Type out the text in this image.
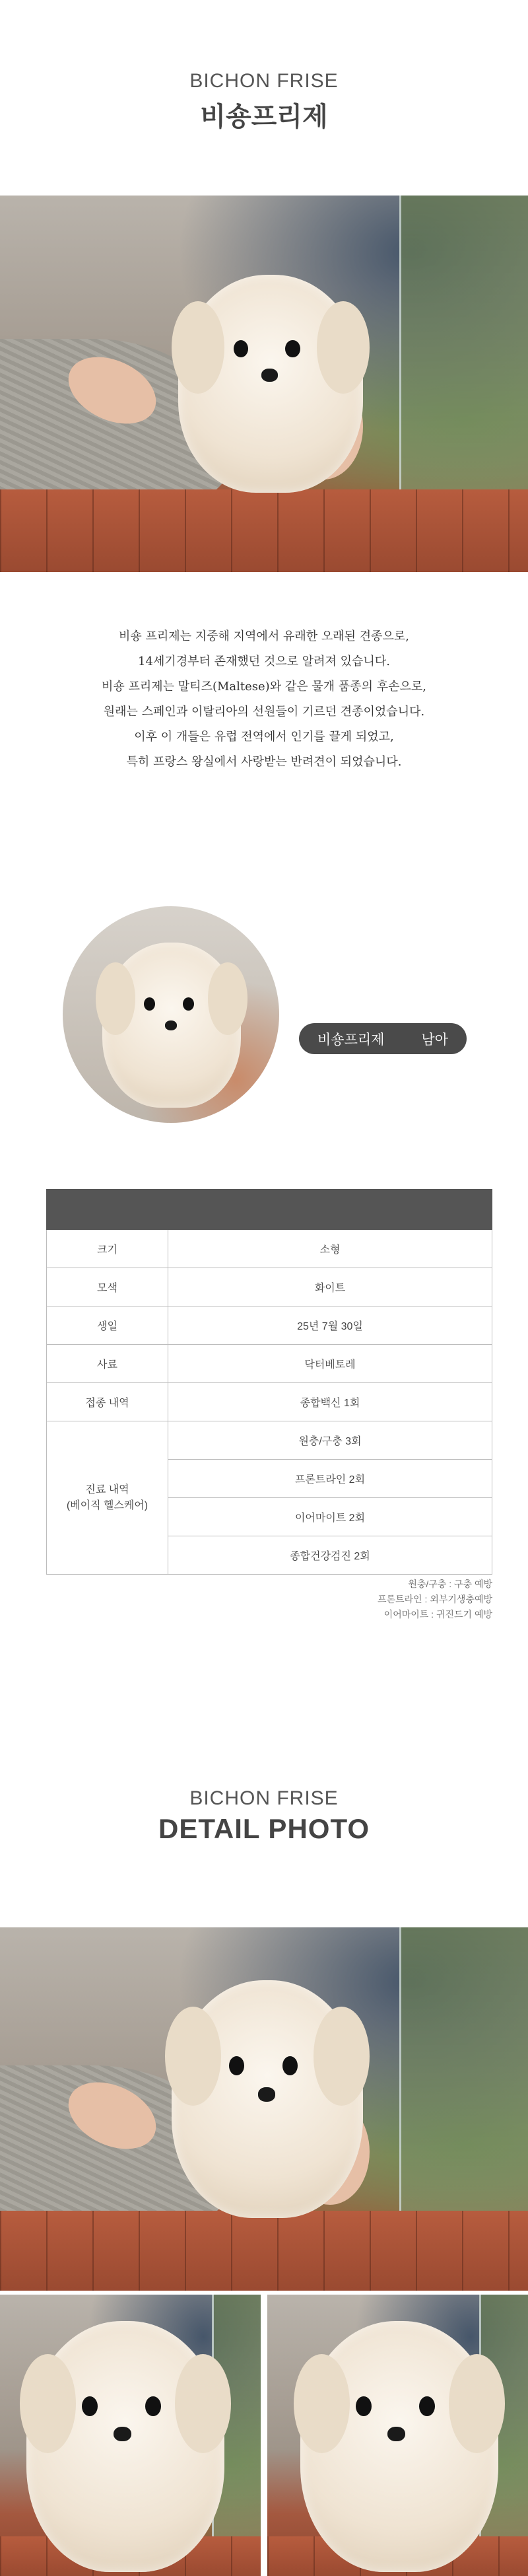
BICHON FRISE
비숑프리제
비숑 프리제는 지중해 지역에서 유래한 오래된 견종으로,
14세기경부터 존재했던 것으로 알려져 있습니다.
비숑 프리제는 말티즈(Maltese)와 같은 물개 품종의 후손으로,
원래는 스페인과 이탈리아의 선원들이 기르던 견종이었습니다.
이후 이 개들은 유럽 전역에서 인기를 끌게 되었고,
특히 프랑스 왕실에서 사랑받는 반려견이 되었습니다.
비숑프리제	남아

크기	소형
모색	화이트
생일	25년 7월 30일
사료	닥터베토레
접종 내역	종합백신 1회

진료 내역
(베이직 헬스케어)	원충/구충 3회
	프론트라인 2회
	이어마이트 2회
	종합건강검진 2회
원충/구충 : 구충 예방
프론트라인 : 외부기생충예방
이어마이트 : 귀진드기 예방
BICHON FRISE
DETAIL PHOTO
